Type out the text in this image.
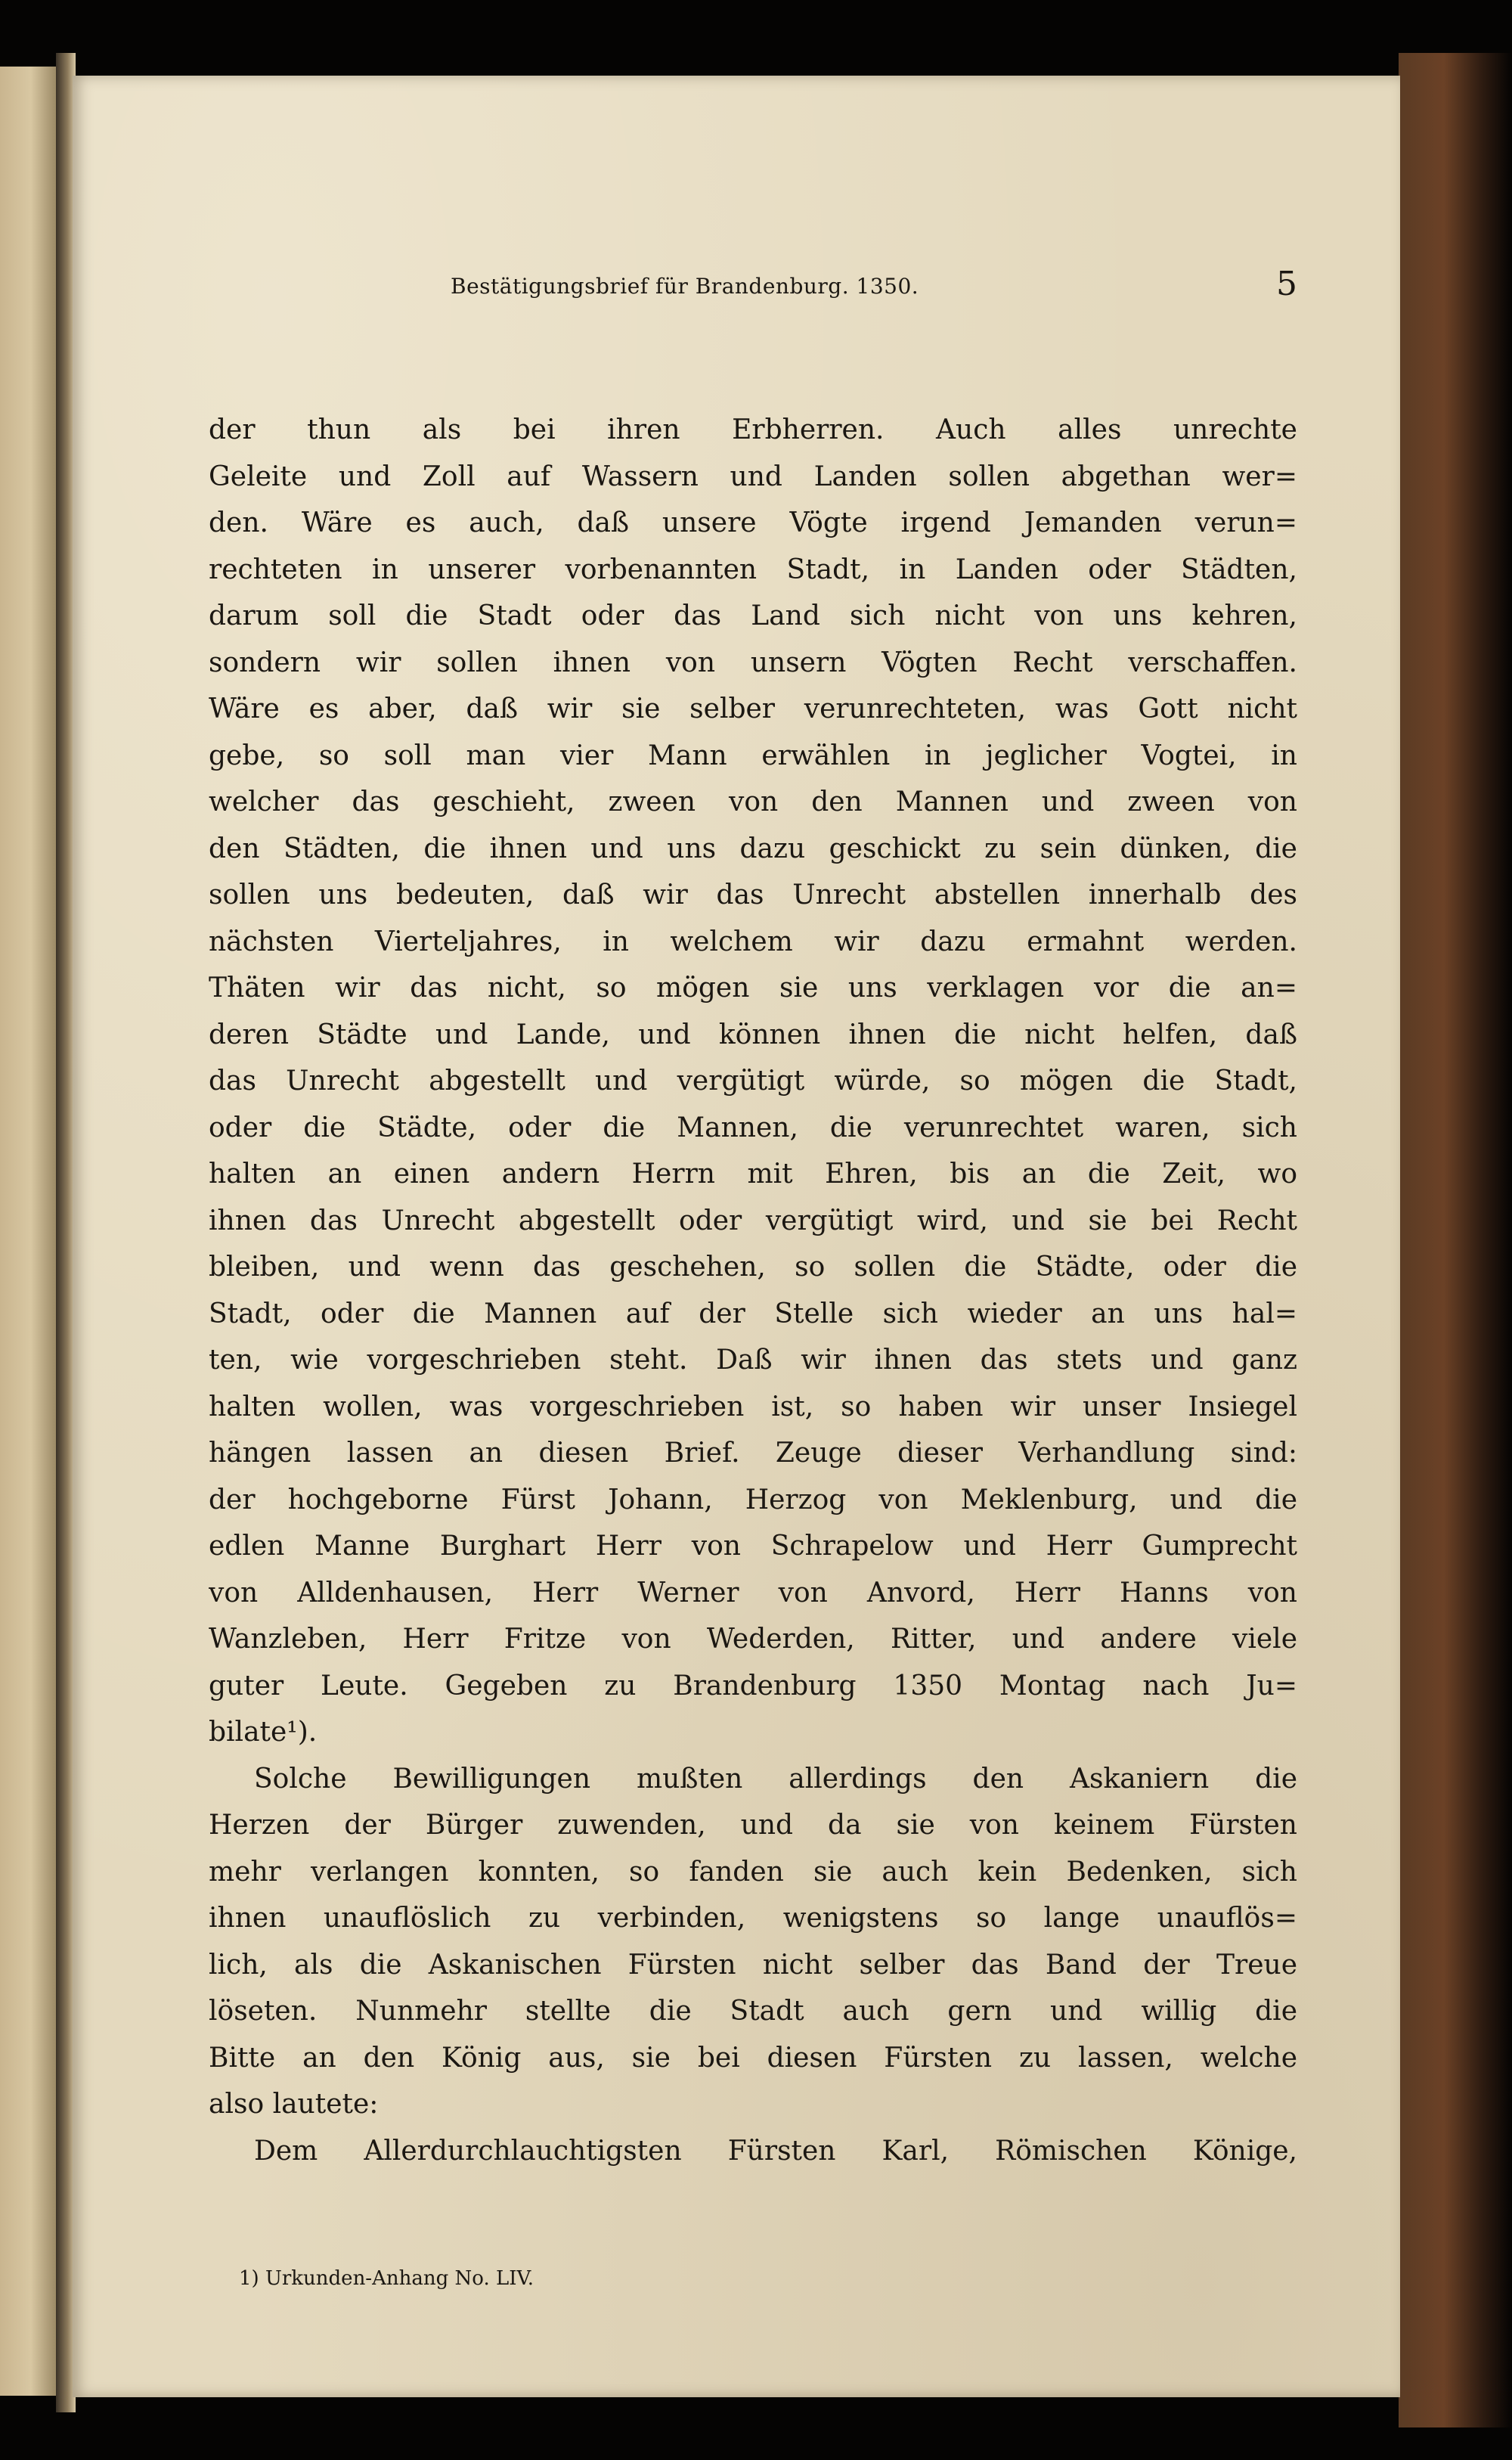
Bestätigungsbrief für Brandenburg. 1350.	5
der thun als bei ihren Erbherren. Auch alles unrechte
Geleite und Zoll auf Wassern und Landen sollen abgethan wer=
den. Wäre es auch, daß unsere Vögte irgend Jemanden verun=
rechteten in unserer vorbenannten Stadt, in Landen oder Städten,
darum soll die Stadt oder das Land sich nicht von uns kehren,
sondern wir sollen ihnen von unsern Vögten Recht verschaffen.
Wäre es aber, daß wir sie selber verunrechteten, was Gott nicht
gebe, so soll man vier Mann erwählen in jeglicher Vogtei, in
welcher das geschieht, zween von den Mannen und zween von
den Städten, die ihnen und uns dazu geschickt zu sein dünken, die
sollen uns bedeuten, daß wir das Unrecht abstellen innerhalb des
nächsten Vierteljahres, in welchem wir dazu ermahnt werden.
Thäten wir das nicht, so mögen sie uns verklagen vor die an=
deren Städte und Lande, und können ihnen die nicht helfen, daß
das Unrecht abgestellt und vergütigt würde, so mögen die Stadt,
oder die Städte, oder die Mannen, die verunrechtet waren, sich
halten an einen andern Herrn mit Ehren, bis an die Zeit, wo
ihnen das Unrecht abgestellt oder vergütigt wird, und sie bei Recht
bleiben, und wenn das geschehen, so sollen die Städte, oder die
Stadt, oder die Mannen auf der Stelle sich wieder an uns hal=
ten, wie vorgeschrieben steht. Daß wir ihnen das stets und ganz
halten wollen, was vorgeschrieben ist, so haben wir unser Insiegel
hängen lassen an diesen Brief. Zeuge dieser Verhandlung sind:
der hochgeborne Fürst Johann, Herzog von Meklenburg, und die
edlen Manne Burghart Herr von Schrapelow und Herr Gumprecht
von Alldenhausen, Herr Werner von Anvord, Herr Hanns von
Wanzleben, Herr Fritze von Wederden, Ritter, und andere viele
guter Leute. Gegeben zu Brandenburg 1350 Montag nach Ju=
bilate¹).
Solche Bewilligungen mußten allerdings den Askaniern die
Herzen der Bürger zuwenden, und da sie von keinem Fürsten
mehr verlangen konnten, so fanden sie auch kein Bedenken, sich
ihnen unauflöslich zu verbinden, wenigstens so lange unauflös=
lich, als die Askanischen Fürsten nicht selber das Band der Treue
löseten. Nunmehr stellte die Stadt auch gern und willig die
Bitte an den König aus, sie bei diesen Fürsten zu lassen, welche
also lautete:
Dem Allerdurchlauchtigsten Fürsten Karl, Römischen Könige,
1) Urkunden-Anhang No. LIV.
